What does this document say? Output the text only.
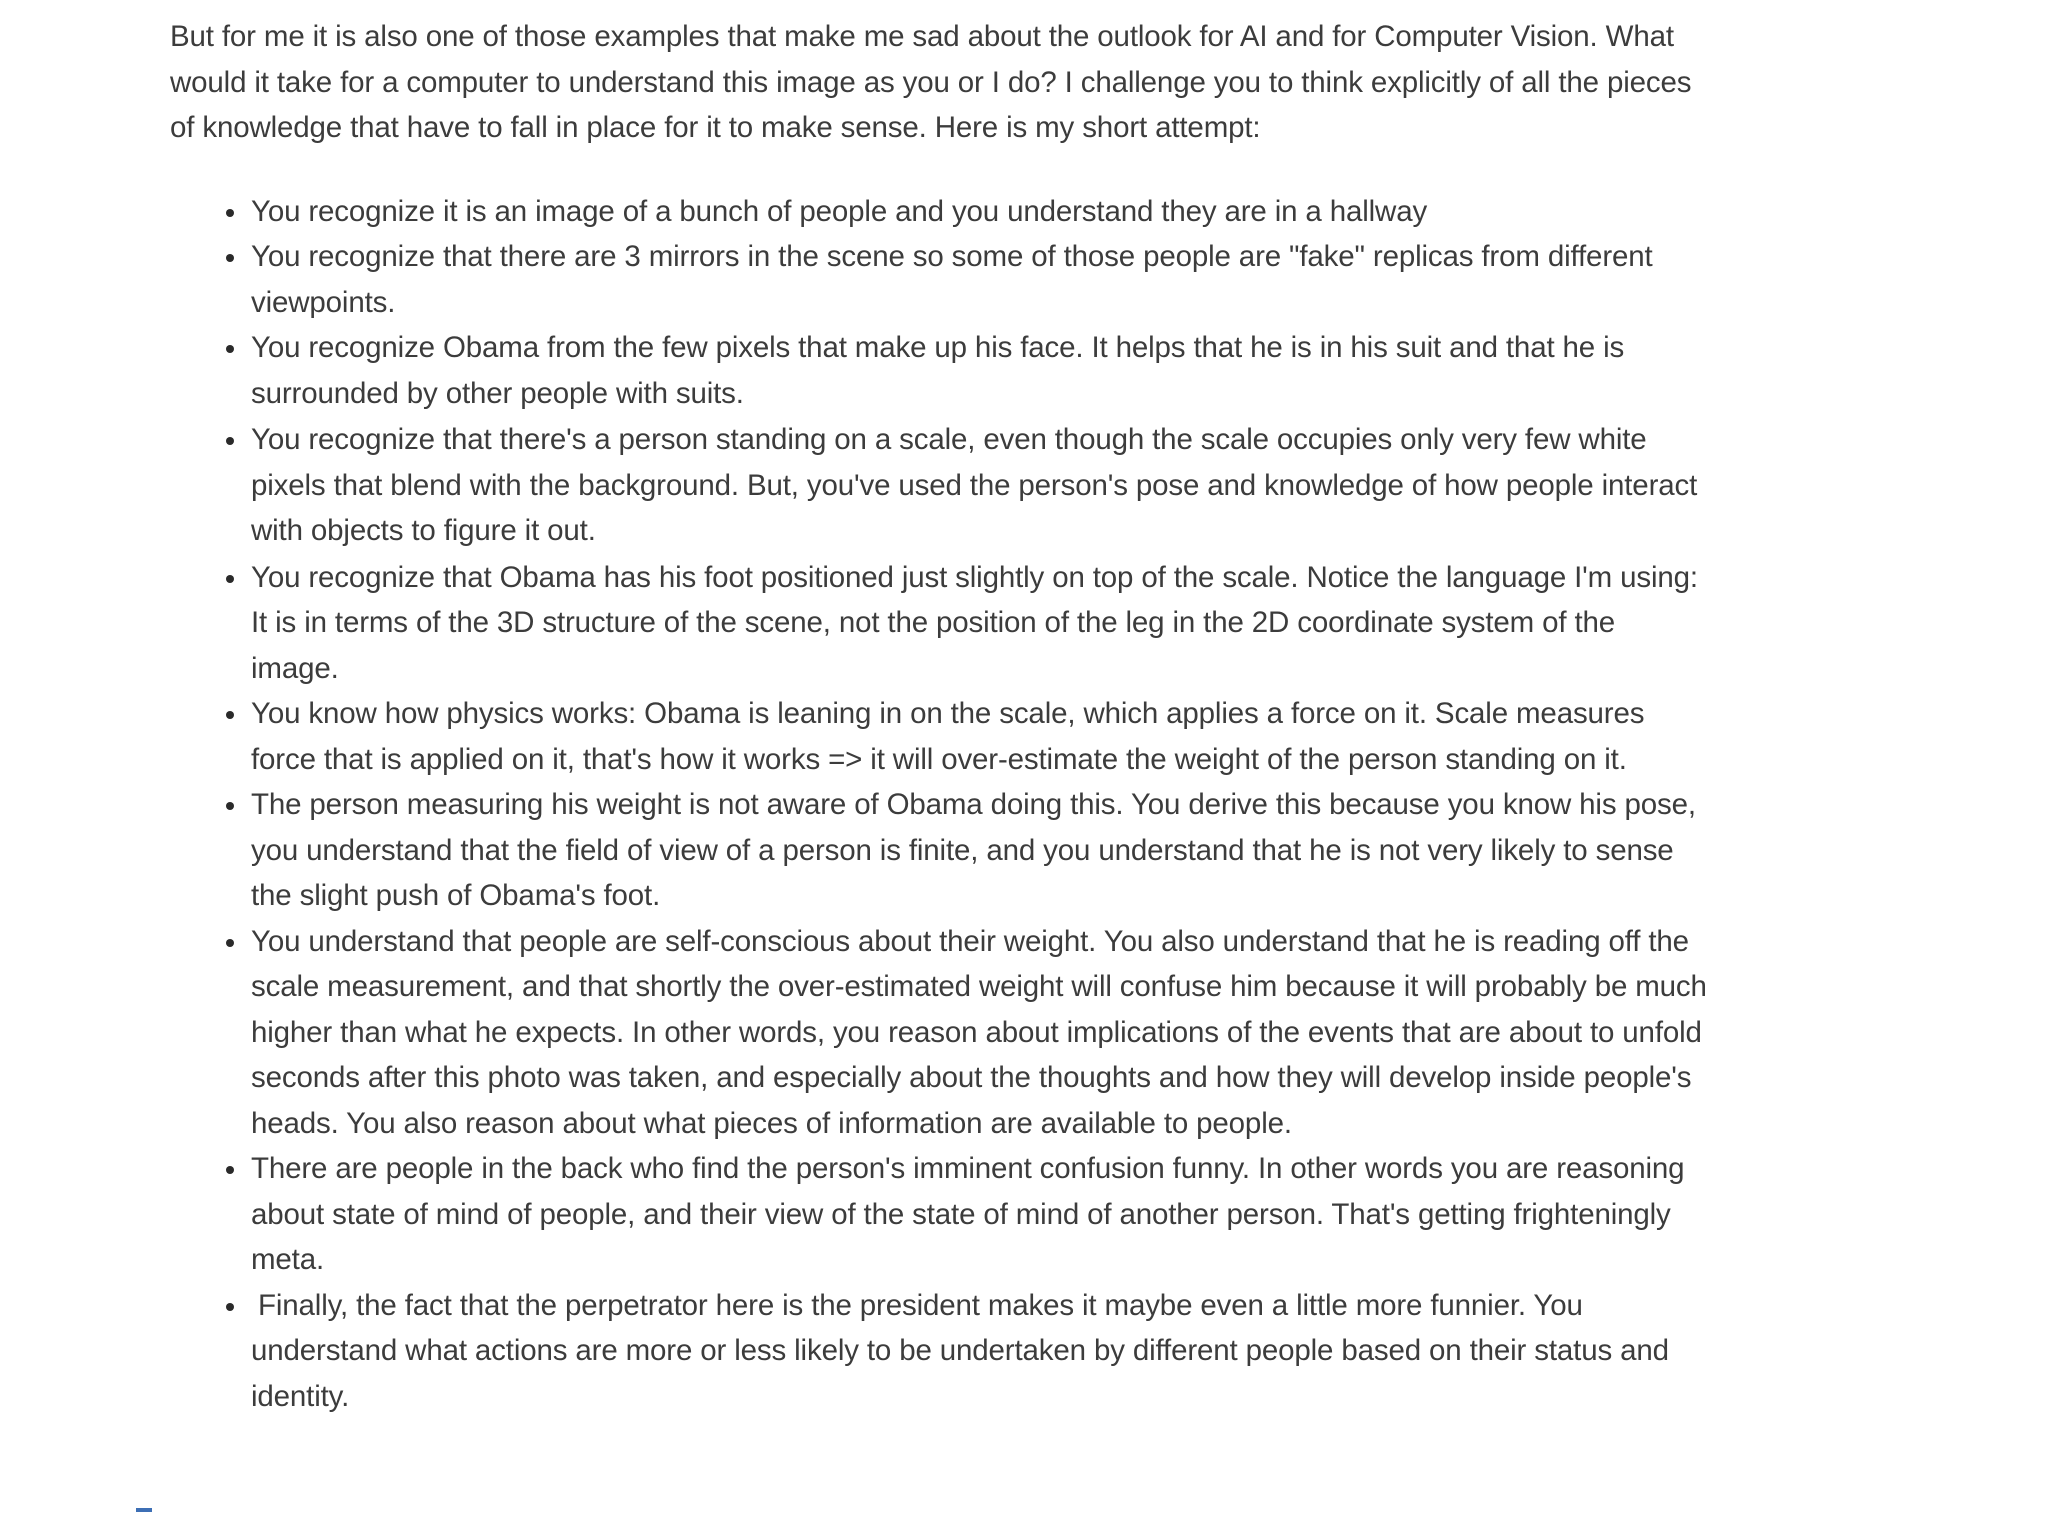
But for me it is also one of those examples that make me sad about the outlook for AI and for Computer Vision. What would it take for a computer to understand this image as you or I do? I challenge you to think explicitly of all the pieces of knowledge that have to fall in place for it to make sense. Here is my short attempt:

You recognize it is an image of a bunch of people and you understand they are in a hallway
You recognize that there are 3 mirrors in the scene so some of those people are "fake" replicas from different viewpoints.
You recognize Obama from the few pixels that make up his face. It helps that he is in his suit and that he is surrounded by other people with suits.
You recognize that there's a person standing on a scale, even though the scale occupies only very few white pixels that blend with the background. But, you've used the person's pose and knowledge of how people interact with objects to figure it out.
You recognize that Obama has his foot positioned just slightly on top of the scale. Notice the language I'm using: It is in terms of the 3D structure of the scene, not the position of the leg in the 2D coordinate system of the image.
You know how physics works: Obama is leaning in on the scale, which applies a force on it. Scale measures force that is applied on it, that's how it works => it will over-estimate the weight of the person standing on it.
The person measuring his weight is not aware of Obama doing this. You derive this because you know his pose, you understand that the field of view of a person is finite, and you understand that he is not very likely to sense the slight push of Obama's foot.
You understand that people are self-conscious about their weight. You also understand that he is reading off the scale measurement, and that shortly the over-estimated weight will confuse him because it will probably be much higher than what he expects. In other words, you reason about implications of the events that are about to unfold seconds after this photo was taken, and especially about the thoughts and how they will develop inside people's heads. You also reason about what pieces of information are available to people.
There are people in the back who find the person's imminent confusion funny. In other words you are reasoning about state of mind of people, and their view of the state of mind of another person. That's getting frighteningly meta.
Finally, the fact that the perpetrator here is the president makes it maybe even a little more funnier. You understand what actions are more or less likely to be undertaken by different people based on their status and identity.
